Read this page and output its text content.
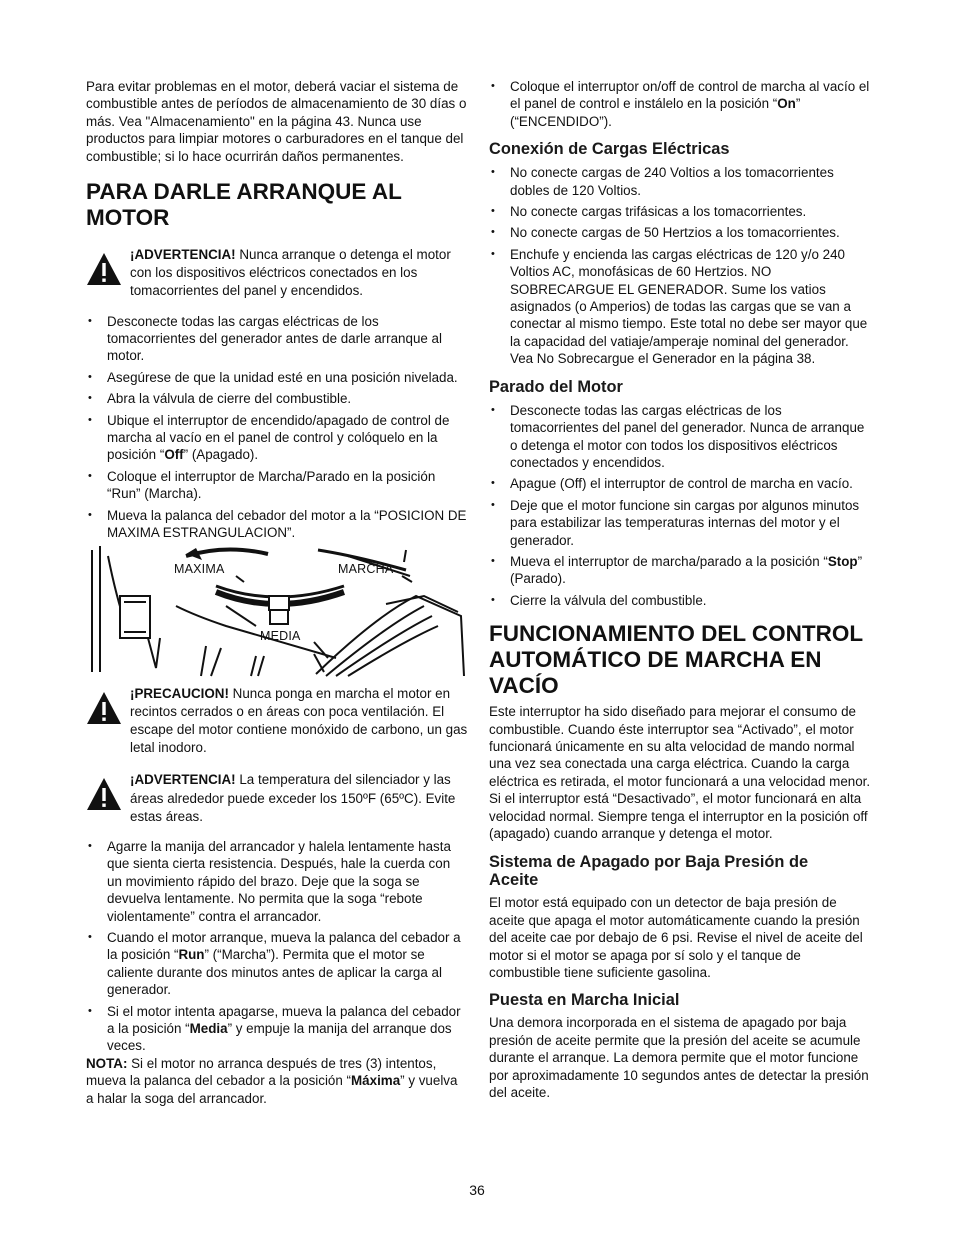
Para evitar problemas en el motor, deberá vaciar el sistema de combustible antes de períodos de almacenamiento de 30 días o más. Vea "Almacenamiento" en la página 43. Nunca use productos para limpiar motores o carburadores en el tanque del combustible; si lo hace ocurrirán daños permanentes.

PARA DARLE ARRANQUE AL
MOTOR

¡ADVERTENCIA! Nunca arranque o detenga el motor con los dispositivos eléctricos conectados en los tomacorrientes del panel y encendidos.

• Desconecte todas las cargas eléctricas de los tomacorrientes del generador antes de darle arranque al motor.
• Asegúrese de que la unidad esté en una posición nivelada.
• Abra la válvula de cierre del combustible.
• Ubique el interruptor de encendido/apagado de control de marcha al vacío en el panel de control y colóquelo en la posición “Off” (Apagado).
• Coloque el interruptor de Marcha/Parado en la posición “Run” (Marcha).
• Mueva la palanca del cebador del motor a la “POSICION DE MAXIMA ESTRANGULACION”.
MAXIMA	MARCHA
MEDIA

¡PRECAUCION! Nunca ponga en marcha el motor en recintos cerrados o en áreas con poca ventilación. El escape del motor contiene monóxido de carbono, un gas letal inodoro.

¡ADVERTENCIA! La temperatura del silenciador y las áreas alrededor puede exceder los 150ºF (65ºC). Evite estas áreas.

• Agarre la manija del arrancador y halela lentamente hasta que sienta cierta resistencia. Después, hale la cuerda con un movimiento rápido del brazo. Deje que la soga se devuelva lentamente. No permita que la soga “rebote violentamente” contra el arrancador.
• Cuando el motor arranque, mueva la palanca del cebador a la posición “Run” (“Marcha”). Permita que el motor se caliente durante dos minutos antes de aplicar la carga al generador.
• Si el motor intenta apagarse, mueva la palanca del cebador a la posición “Media” y empuje la manija del arranque dos veces.

NOTA: Si el motor no arranca después de tres (3) intentos, mueva la palanca del cebador a la posición “Máxima” y vuelva a halar la soga del arrancador.

• Coloque el interruptor on/off de control de marcha al vacío el el panel de control e instálelo en la posición “On” (“ENCENDIDO”).
Conexión de Cargas Eléctricas
• No conecte cargas de 240 Voltios a los tomacorrientes dobles de 120 Voltios.
• No conecte cargas trifásicas a los tomacorrientes.
• No conecte cargas de 50 Hertzios a los tomacorrientes.
• Enchufe y encienda las cargas eléctricas de 120 y/o 240 Voltios AC, monofásicas de 60 Hertzios. NO SOBRECARGUE EL GENERADOR. Sume los vatios asignados (o Amperios) de todas las cargas que se van a conectar al mismo tiempo. Este total no debe ser mayor que la capacidad del vatiaje/amperaje nominal del generador. Vea No Sobrecargue el Generador en la página 38.
Parado del Motor
• Desconecte todas las cargas eléctricas de los tomacorrientes del panel del generador. Nunca de arranque o detenga el motor con todos los dispositivos eléctricos conectados y encendidos.
• Apague (Off) el interruptor de control de marcha en vacío.
• Deje que el motor funcione sin cargas por algunos minutos para estabilizar las temperaturas internas del motor y el generador.
• Mueva el interruptor de marcha/parado a la posición “Stop” (Parado).
• Cierre la válvula del combustible.
FUNCIONAMIENTO DEL CONTROL
AUTOMÁTICO DE MARCHA EN
VACÍO

Este interruptor ha sido diseñado para mejorar el consumo de combustible. Cuando éste interruptor sea “Activado”, el motor funcionará únicamente en su alta velocidad de mando normal una vez sea conectada una carga eléctrica. Cuando la carga eléctrica es retirada, el motor funcionará a una velocidad menor. Si el interruptor está “Desactivado”, el motor funcionará en alta velocidad normal. Siempre tenga el interruptor en la posición off (apagado) cuando arranque y detenga el motor.

Sistema de Apagado por Baja Presión de
Aceite

El motor está equipado con un detector de baja presión de aceite que apaga el motor automáticamente cuando la presión del aceite cae por debajo de 6 psi. Revise el nivel de aceite del motor si el motor se apaga por sí solo y el tanque de combustible tiene suficiente gasolina.

Puesta en Marcha Inicial

Una demora incorporada en el sistema de apagado por baja presión de aceite permite que la presión del aceite se acumule durante el arranque. La demora permite que el motor funcione por aproximadamente 10 segundos antes de detectar la presión del aceite.

36
